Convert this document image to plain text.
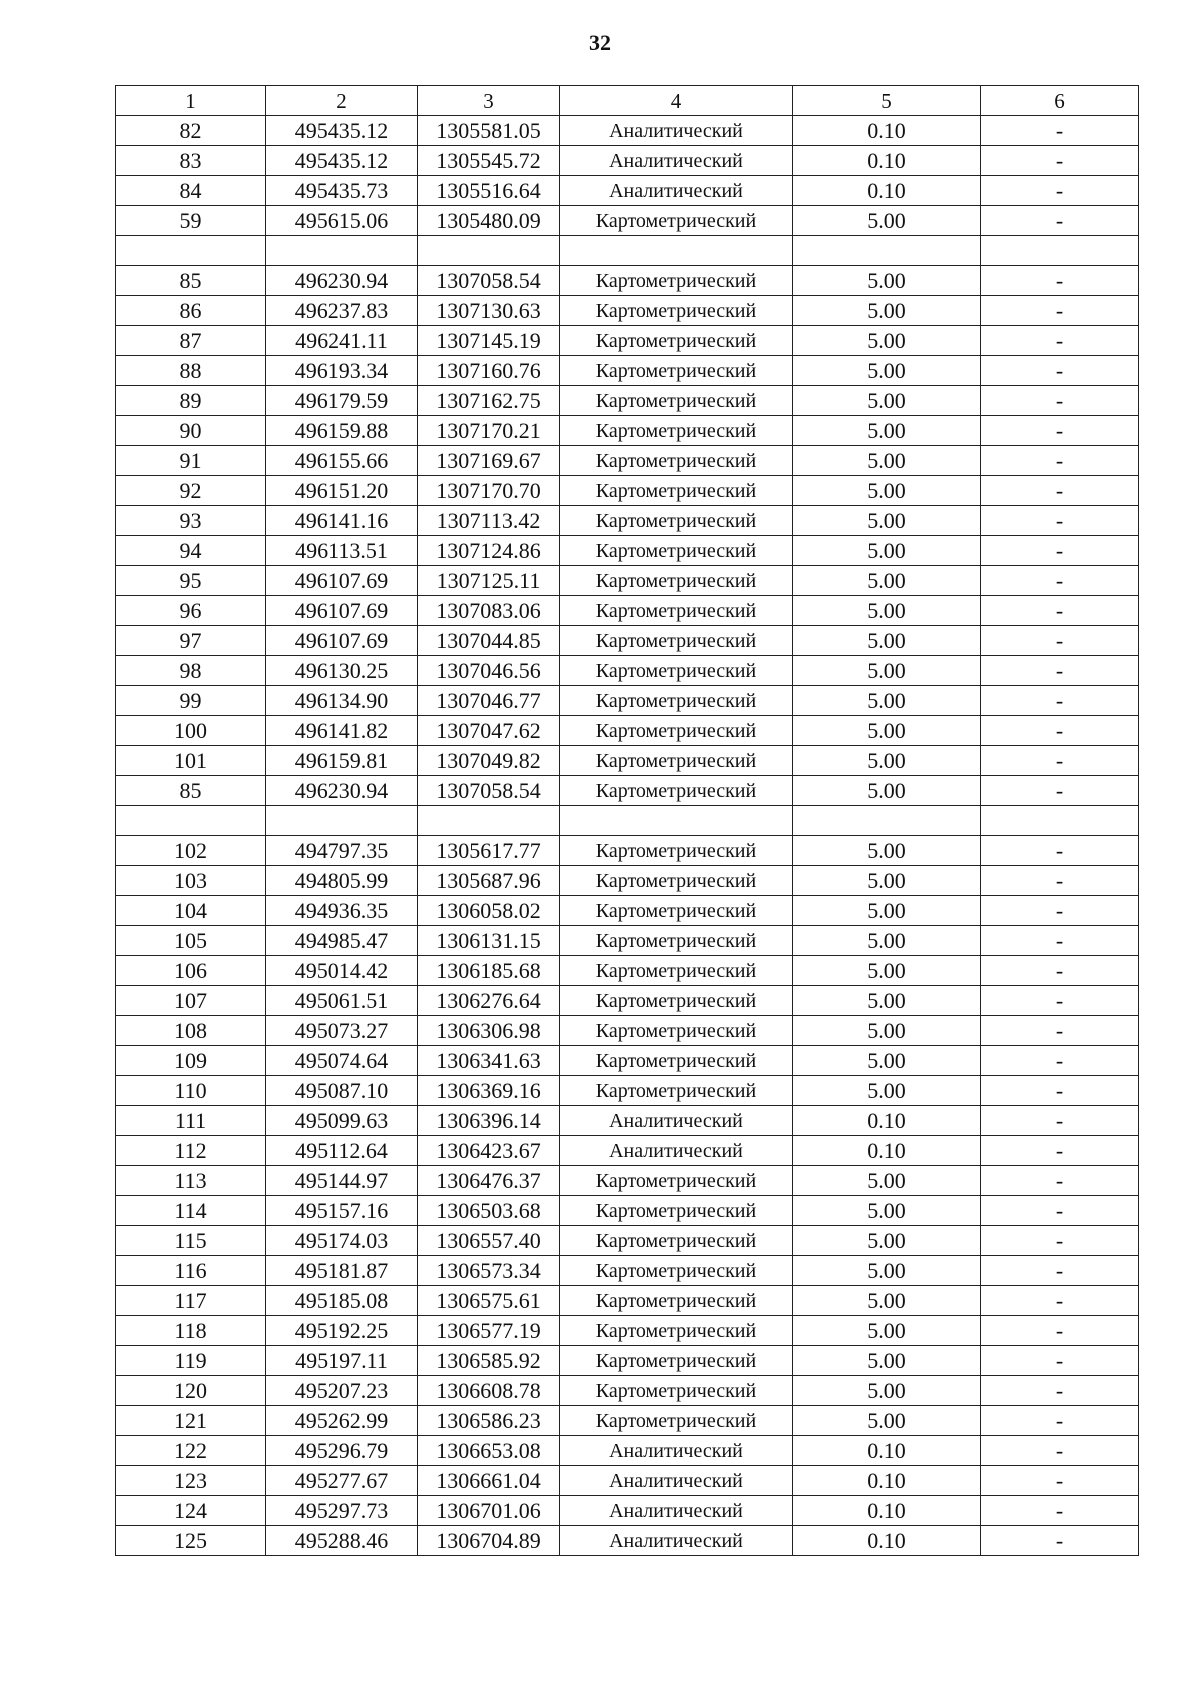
32
1	2	3	4	5	6
82	495435.12	1305581.05	Аналитический	0.10	-
83	495435.12	1305545.72	Аналитический	0.10	-
84	495435.73	1305516.64	Аналитический	0.10	-
59	495615.06	1305480.09	Картометрический	5.00	-

85	496230.94	1307058.54	Картометрический	5.00	-
86	496237.83	1307130.63	Картометрический	5.00	-
87	496241.11	1307145.19	Картометрический	5.00	-
88	496193.34	1307160.76	Картометрический	5.00	-
89	496179.59	1307162.75	Картометрический	5.00	-
90	496159.88	1307170.21	Картометрический	5.00	-
91	496155.66	1307169.67	Картометрический	5.00	-
92	496151.20	1307170.70	Картометрический	5.00	-
93	496141.16	1307113.42	Картометрический	5.00	-
94	496113.51	1307124.86	Картометрический	5.00	-
95	496107.69	1307125.11	Картометрический	5.00	-
96	496107.69	1307083.06	Картометрический	5.00	-
97	496107.69	1307044.85	Картометрический	5.00	-
98	496130.25	1307046.56	Картометрический	5.00	-
99	496134.90	1307046.77	Картометрический	5.00	-
100	496141.82	1307047.62	Картометрический	5.00	-
101	496159.81	1307049.82	Картометрический	5.00	-
85	496230.94	1307058.54	Картометрический	5.00	-

102	494797.35	1305617.77	Картометрический	5.00	-
103	494805.99	1305687.96	Картометрический	5.00	-
104	494936.35	1306058.02	Картометрический	5.00	-
105	494985.47	1306131.15	Картометрический	5.00	-
106	495014.42	1306185.68	Картометрический	5.00	-
107	495061.51	1306276.64	Картометрический	5.00	-
108	495073.27	1306306.98	Картометрический	5.00	-
109	495074.64	1306341.63	Картометрический	5.00	-
110	495087.10	1306369.16	Картометрический	5.00	-
111	495099.63	1306396.14	Аналитический	0.10	-
112	495112.64	1306423.67	Аналитический	0.10	-
113	495144.97	1306476.37	Картометрический	5.00	-
114	495157.16	1306503.68	Картометрический	5.00	-
115	495174.03	1306557.40	Картометрический	5.00	-
116	495181.87	1306573.34	Картометрический	5.00	-
117	495185.08	1306575.61	Картометрический	5.00	-
118	495192.25	1306577.19	Картометрический	5.00	-
119	495197.11	1306585.92	Картометрический	5.00	-
120	495207.23	1306608.78	Картометрический	5.00	-
121	495262.99	1306586.23	Картометрический	5.00	-
122	495296.79	1306653.08	Аналитический	0.10	-
123	495277.67	1306661.04	Аналитический	0.10	-
124	495297.73	1306701.06	Аналитический	0.10	-
125	495288.46	1306704.89	Аналитический	0.10	-
